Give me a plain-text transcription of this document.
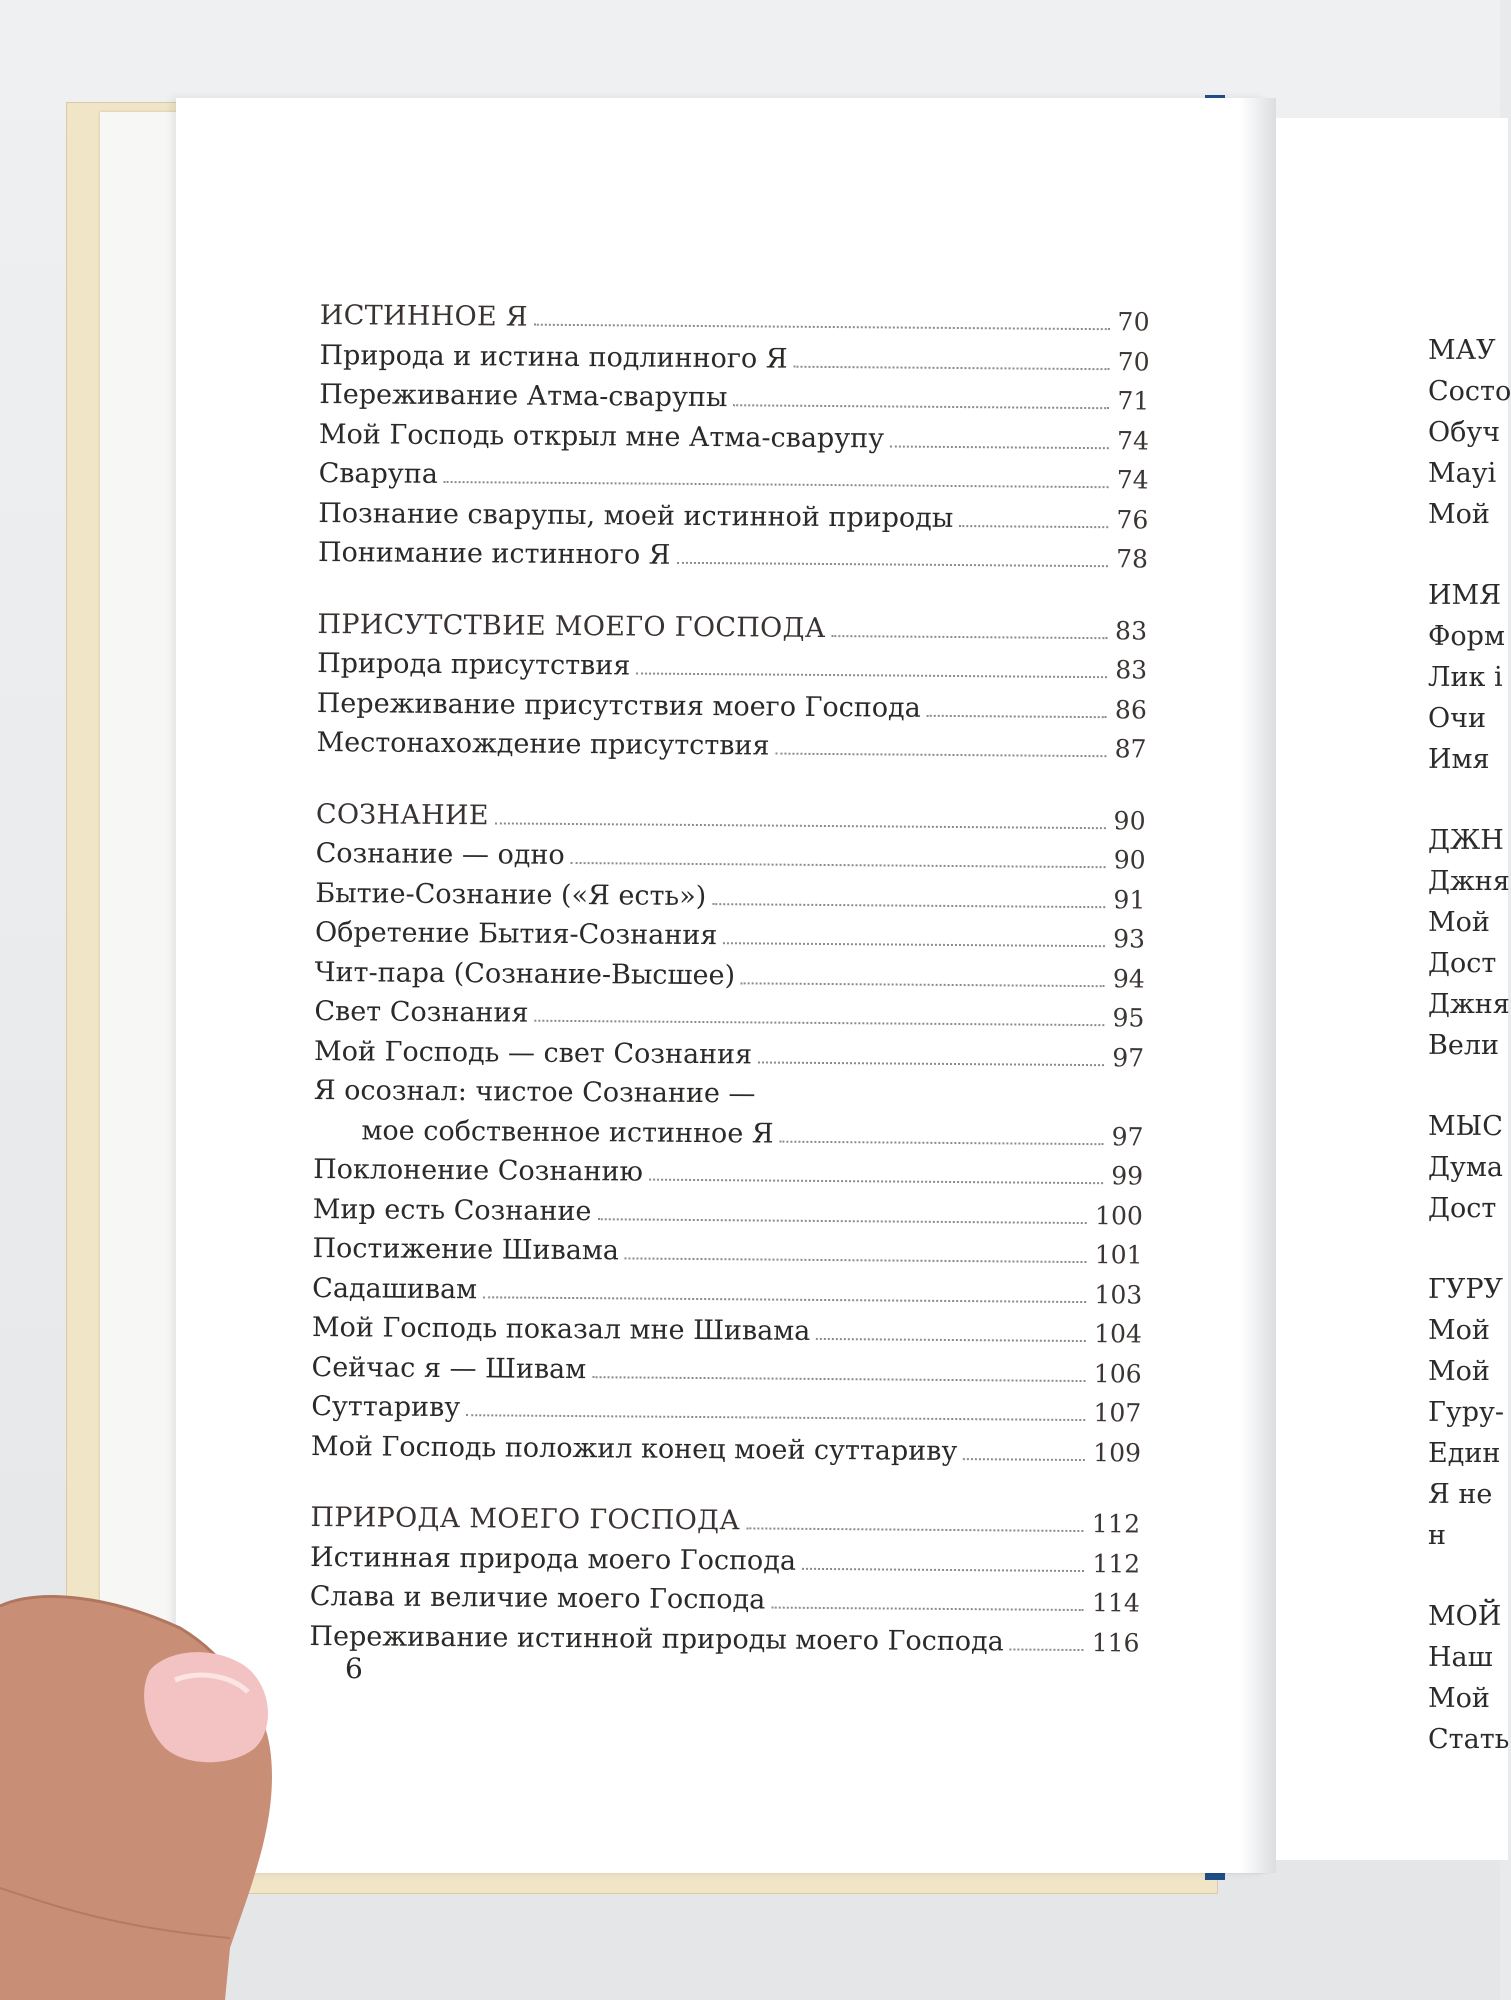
ИСТИННОЕ Я	70
Природа и истина подлинного Я	70
Переживание Атма-сварупы	71
Мой Господь открыл мне Атма-сварупу	74
Сварупа	74
Познание сварупы, моей истинной природы	76
Понимание истинного Я	78
ПРИСУТСТВИЕ МОЕГО ГОСПОДА	83
Природа присутствия	83
Переживание присутствия моего Господа	86
Местонахождение присутствия	87
СОЗНАНИЕ	90
Сознание — одно	90
Бытие-Сознание («Я есть»)	91
Обретение Бытия-Сознания	93
Чит-пара (Сознание-Высшее)	94
Свет Сознания	95
Мой Господь — свет Сознания	97
Я осознал: чистое Сознание —
мое собственное истинное Я	97
Поклонение Сознанию	99
Мир есть Сознание	100
Постижение Шивама	101
Садашивам	103
Мой Господь показал мне Шивама	104
Сейчас я — Шивам	106
Суттариву	107
Мой Господь положил конец моей суттариву	109
ПРИРОДА МОЕГО ГОСПОДА	112
Истинная природа моего Господа	112
Слава и величие моего Господа	114
Переживание истинной природы моего Господа	116
6
МАУ
Состо
Обуч
Мауі
Мой
ИМЯ
Форм
Лик і
Очи
Имя
ДЖН
Джня
Мой
Дост
Джня
Вели
МЫС
Дума
Дост
ГУРУ
Мой
Мой
Гуру-
Един
Я не
н
МОЙ
Наш
Мой
Стать
